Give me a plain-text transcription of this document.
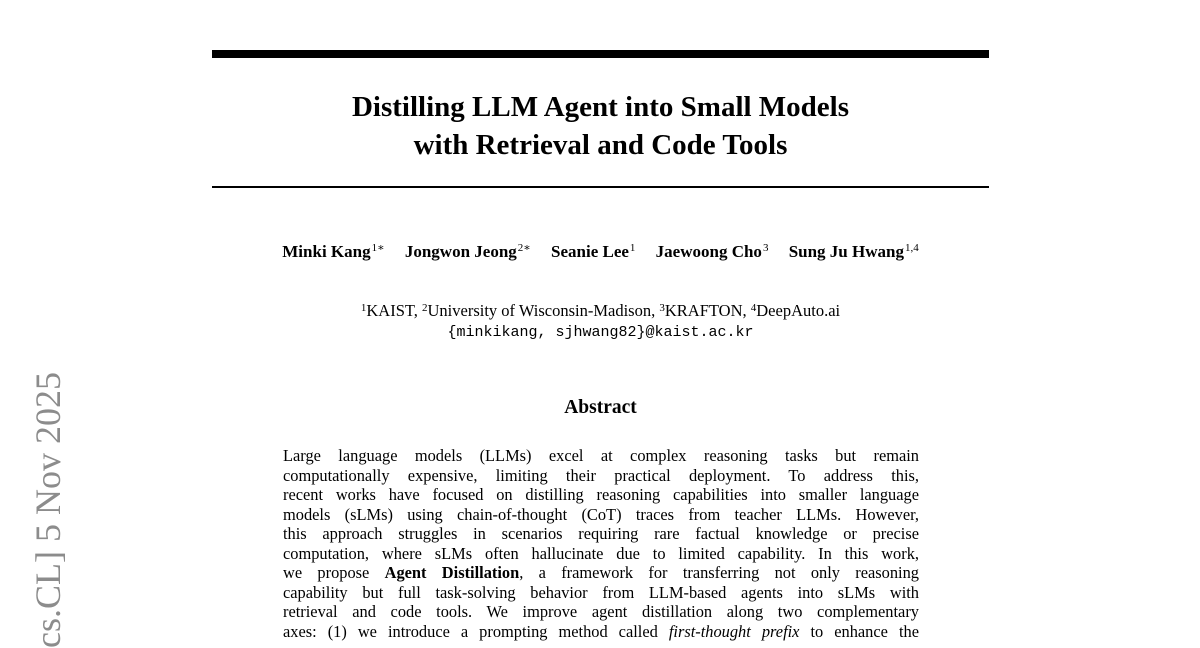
cs.CL] 5 Nov 2025
Distilling LLM Agent into Small Models
with Retrieval and Code Tools
Minki Kang$^{1∗}$ Jongwon Jeong$^{2∗}$ Seanie Lee$^1$ Jaewoong Cho$^3$ Sung Ju Hwang$^{1,4}$
$^1$KAIST, $^2$University of Wisconsin-Madison, $^3$KRAFTON, $^4$DeepAuto.ai
{minkikang, sjhwang82}@kaist.ac.kr
Abstract
Large language models (LLMs) excel at complex reasoning tasks but remain
computationally expensive, limiting their practical deployment. To address this,
recent works have focused on distilling reasoning capabilities into smaller language
models (sLMs) using chain-of-thought (CoT) traces from teacher LLMs. However,
this approach struggles in scenarios requiring rare factual knowledge or precise
computation, where sLMs often hallucinate due to limited capability. In this work,
we propose Agent Distillation, a framework for transferring not only reasoning
capability but full task-solving behavior from LLM-based agents into sLMs with
retrieval and code tools. We improve agent distillation along two complementary
axes: (1) we introduce a prompting method called first-thought prefix to enhance the
